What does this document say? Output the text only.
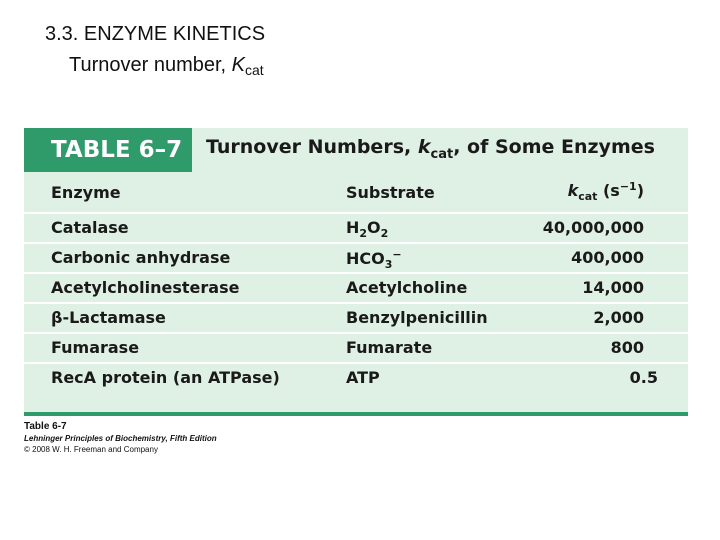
3.3. ENZYME KINETICS
Turnover number, $K_{cat}$
TABLE 6–7	Turnover Numbers, $k_{cat}$, of Some Enzymes
Enzyme	Substrate	$k_{cat}$ $(s^{-1})$
Catalase	$H_2O_2$	40,000,000
Carbonic anhydrase	$HCO_3^-$	400,000
Acetylcholinesterase	Acetylcholine	14,000
β-Lactamase	Benzylpenicillin	2,000
Fumarase	Fumarate	800
RecA protein (an ATPase)	ATP	0.5
Table 6-7
Lehninger Principles of Biochemistry, Fifth Edition
© 2008 W. H. Freeman and Company
